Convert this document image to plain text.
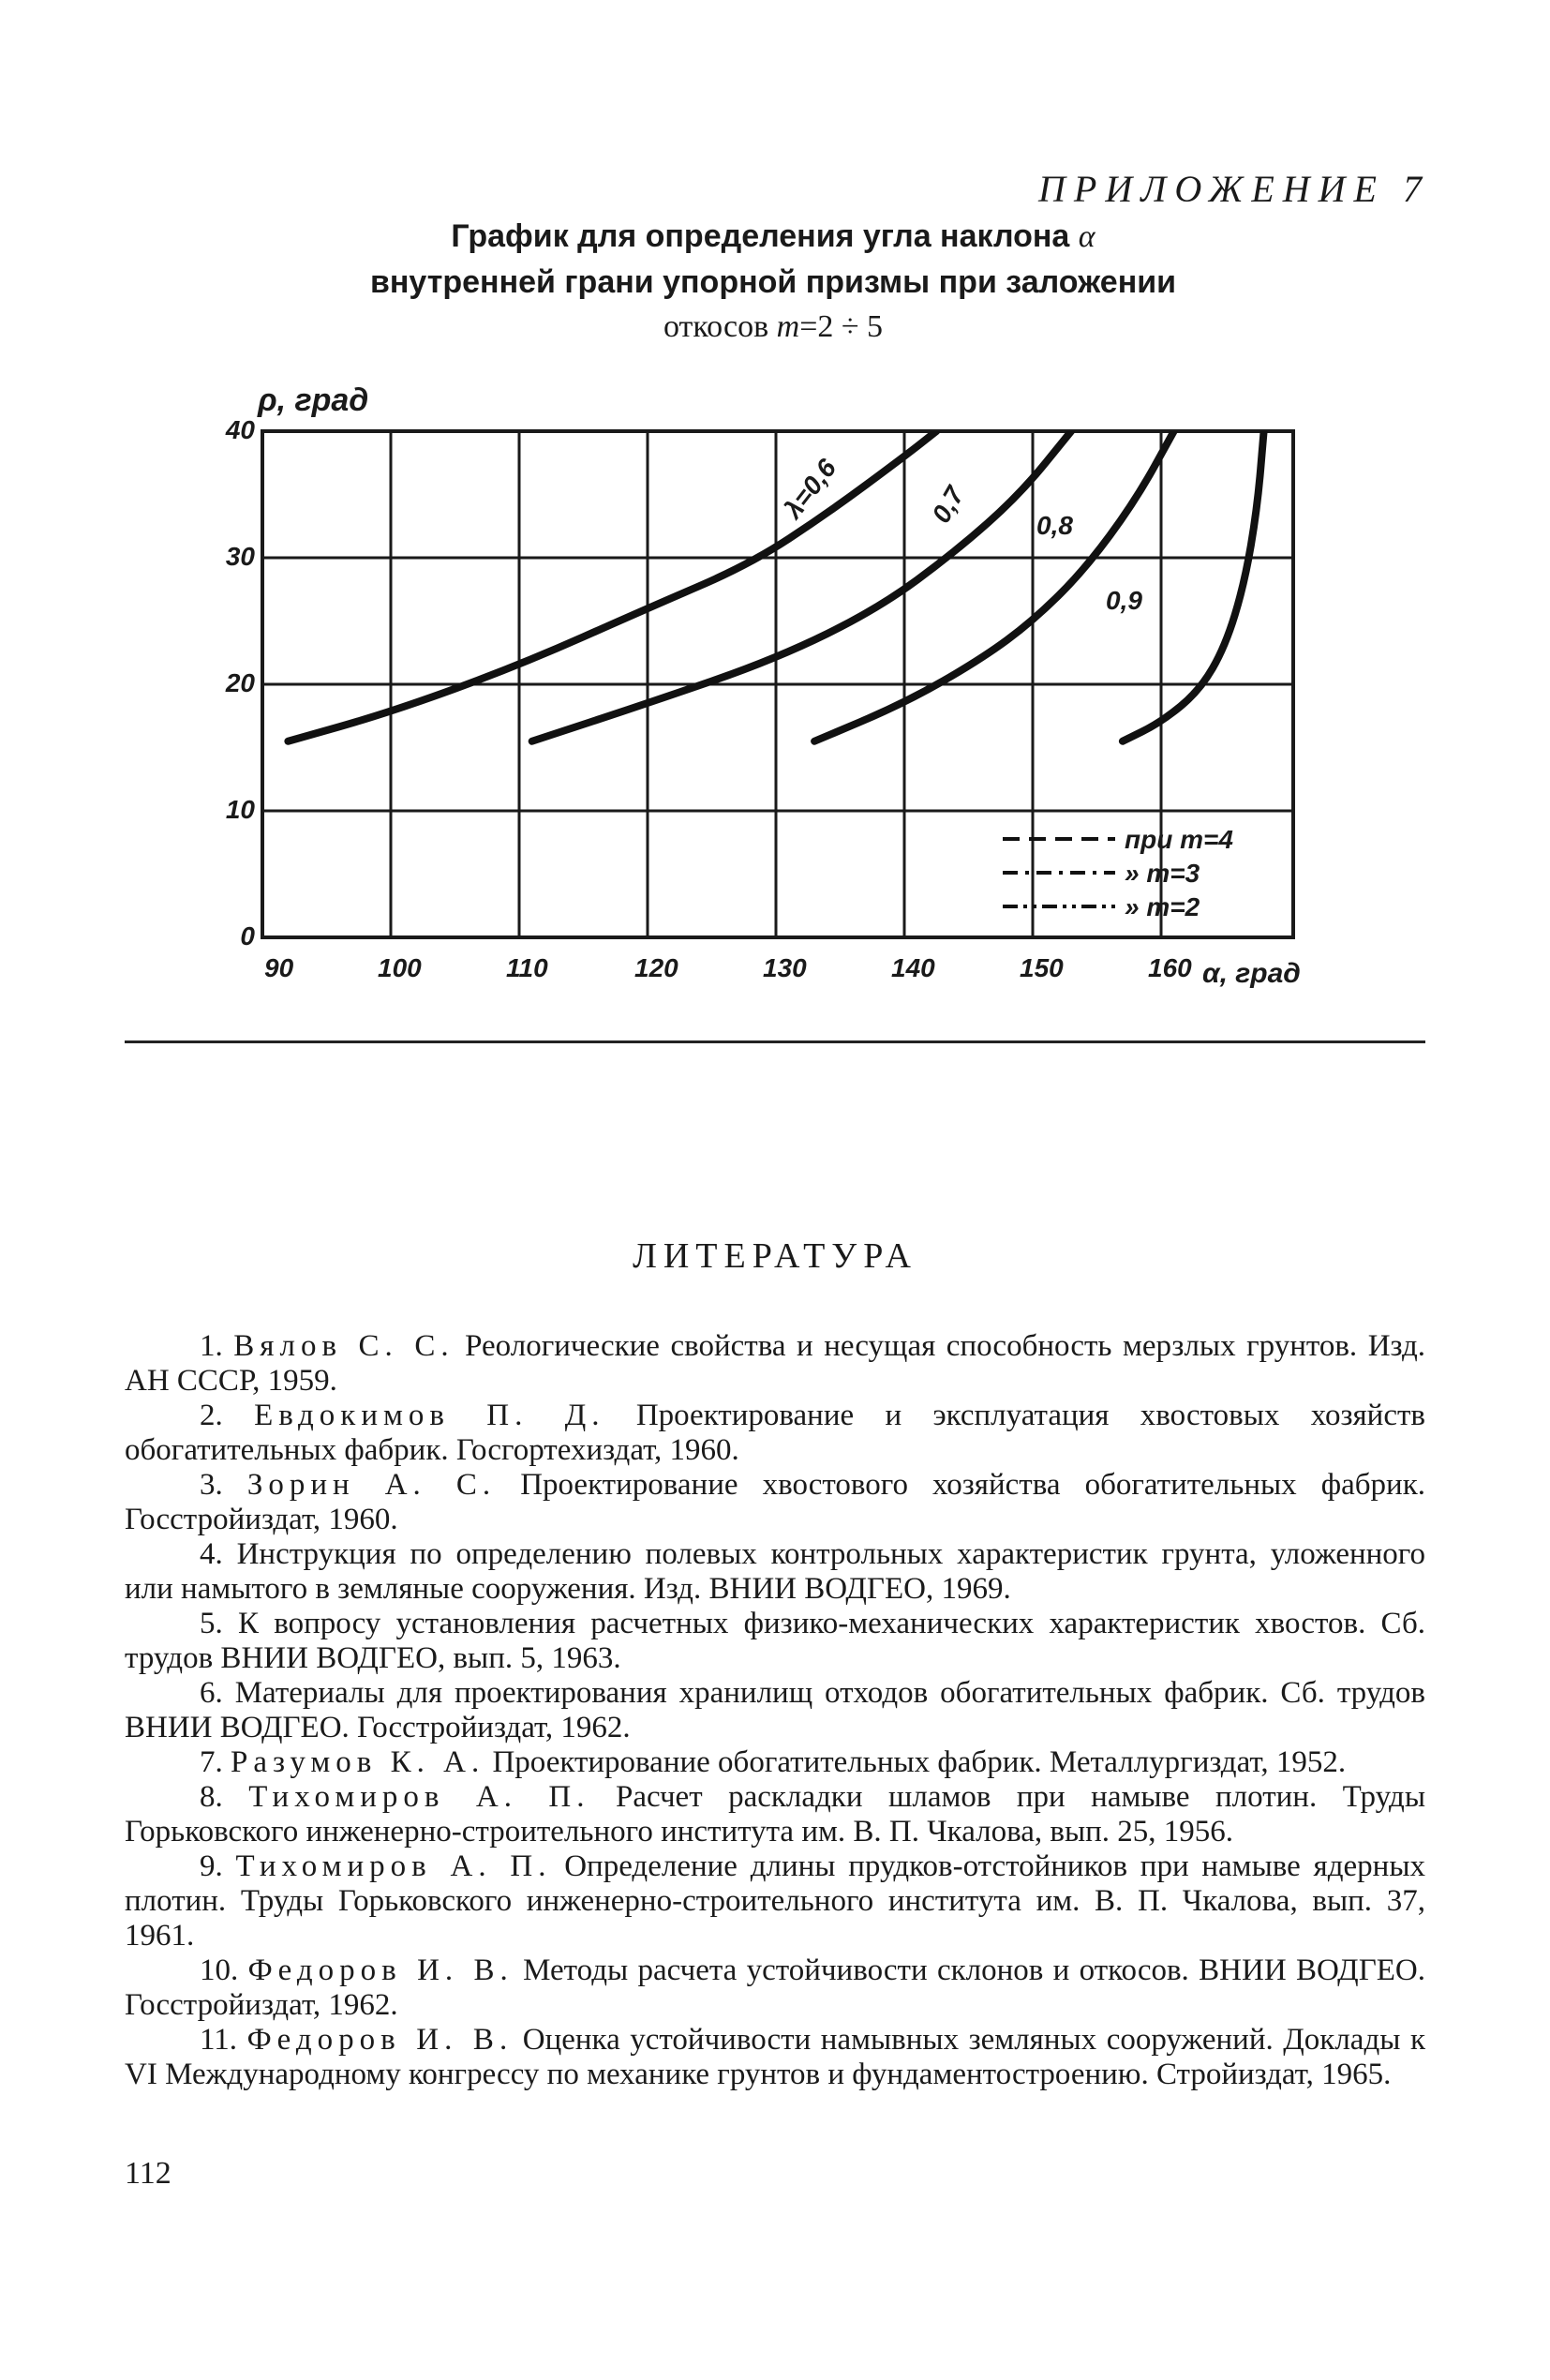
ПРИЛОЖЕНИЕ 7
График для определения угла наклона α
внутренней грани упорной призмы при заложении
откосов m=2 ÷ 5
90	100	110	120	130	140	150	160
0
10
20
30
40
λ=0,6	0,7	0,8
0,9
при m=4
» m=3
» m=2
ρ, град
α, град
ЛИТЕРАТУРА
1. Вялов С. С. Реологические свойства и несущая способность мерзлых грунтов. Изд. АН СССР, 1959.
2. Евдокимов П. Д. Проектирование и эксплуатация хвостовых хозяйств обогатительных фабрик. Госгортехиздат, 1960.
3. Зорин А. С. Проектирование хвостового хозяйства обогатительных фабрик. Госстройиздат, 1960.
4. Инструкция по определению полевых контрольных характеристик грунта, уложенного или намытого в земляные сооружения. Изд. ВНИИ ВОДГЕО, 1969.
5. К вопросу установления расчетных физико-механических характеристик хвостов. Сб. трудов ВНИИ ВОДГЕО, вып. 5, 1963.
6. Материалы для проектирования хранилищ отходов обогатительных фабрик. Сб. трудов ВНИИ ВОДГЕО. Госстройиздат, 1962.
7. Разумов К. А. Проектирование обогатительных фабрик. Металлургиздат, 1952.
8. Тихомиров А. П. Расчет раскладки шламов при намыве плотин. Труды Горьковского инженерно-строительного института им. В. П. Чкалова, вып. 25, 1956.
9. Тихомиров А. П. Определение длины прудков-отстойников при намыве ядерных плотин. Труды Горьковского инженерно-строительного института им. В. П. Чкалова, вып. 37, 1961.
10. Федоров И. В. Методы расчета устойчивости склонов и откосов. ВНИИ ВОДГЕО. Госстройиздат, 1962.
11. Федоров И. В. Оценка устойчивости намывных земляных сооружений. Доклады к VI Международному конгрессу по механике грунтов и фундаментостроению. Стройиздат, 1965.
112
